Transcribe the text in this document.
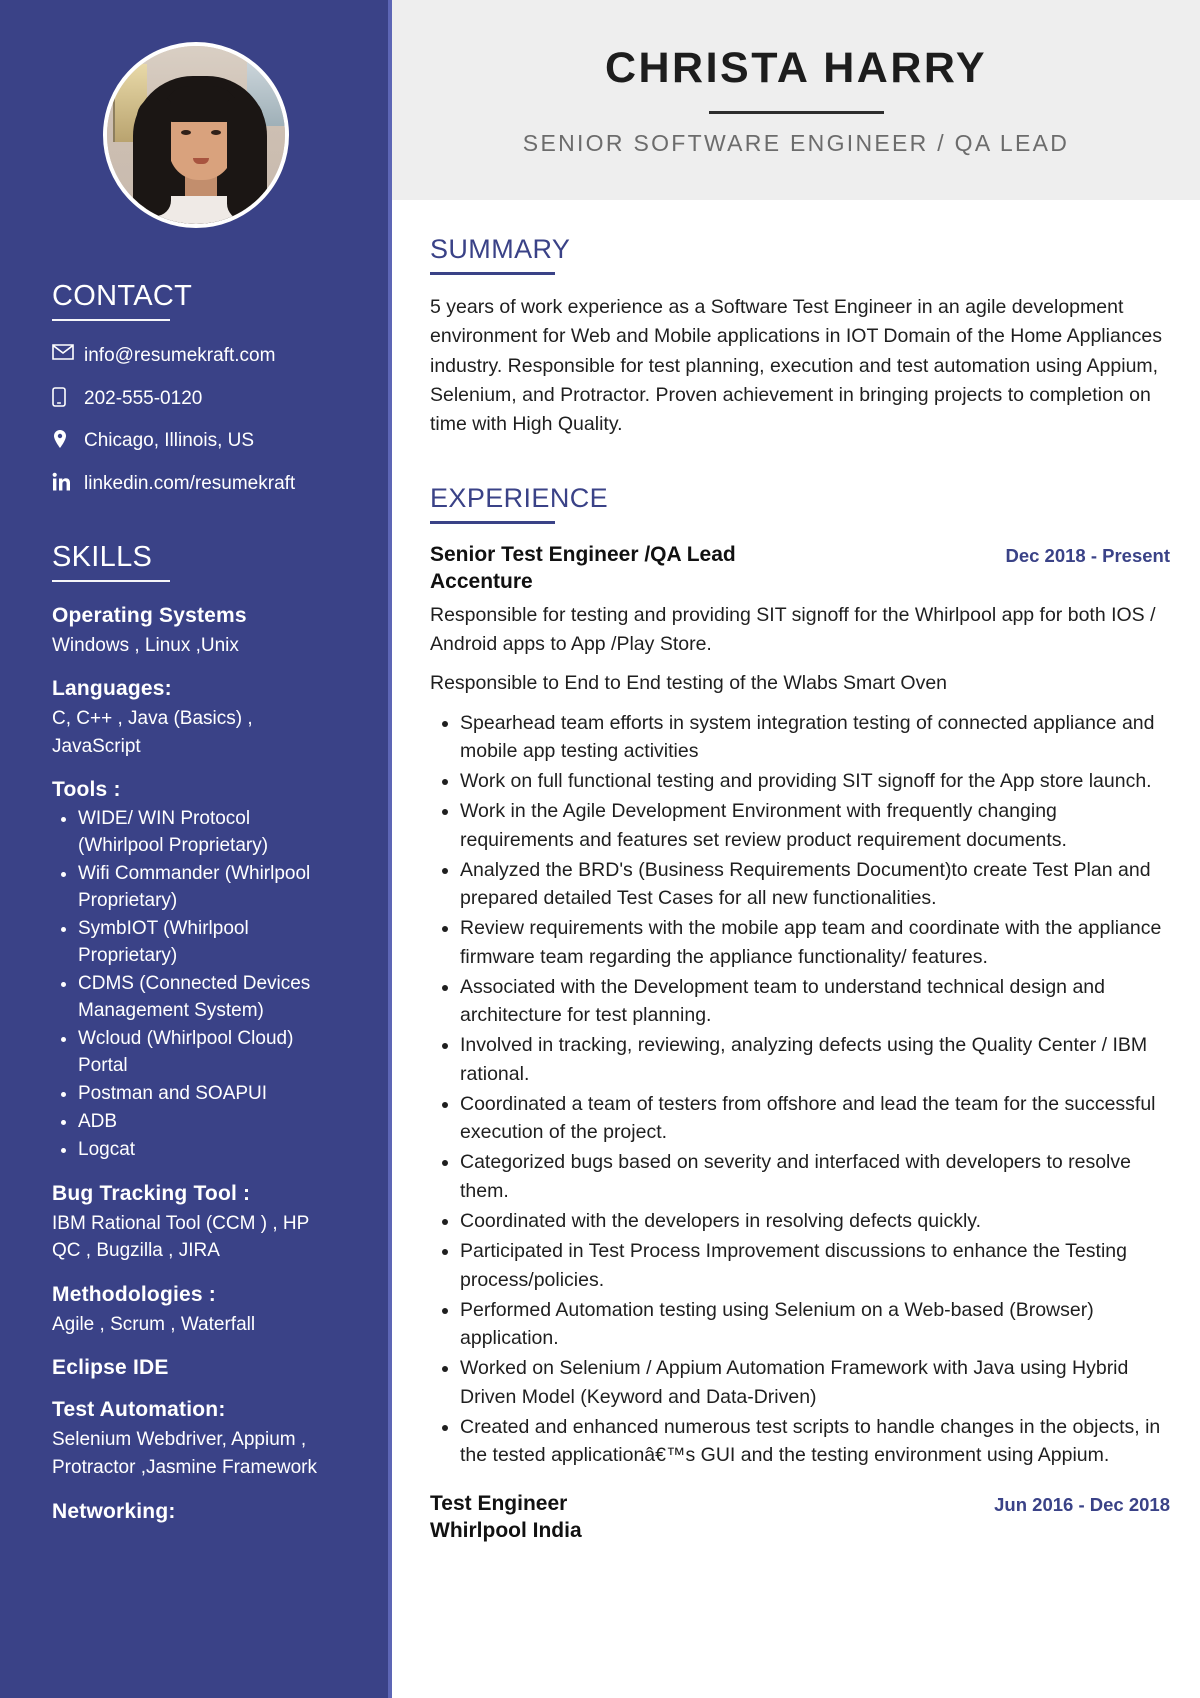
CONTACT
info@resumekraft.com
202-555-0120
Chicago, Illinois, US
linkedin.com/resumekraft
SKILLS

Operating Systems

Windows , Linux ,Unix

Languages:

C, C++ , Java (Basics) , JavaScript

Tools :

• WIDE/ WIN Protocol (Whirlpool Proprietary)
• Wifi Commander (Whirlpool Proprietary)
• SymbIOT (Whirlpool Proprietary)
• CDMS (Connected Devices Management System)
• Wcloud (Whirlpool Cloud) Portal
• Postman and SOAPUI
• ADB
• Logcat

Bug Tracking Tool :

IBM Rational Tool (CCM ) , HP QC , Bugzilla , JIRA

Methodologies :

Agile , Scrum , Waterfall

Eclipse IDE

Test Automation:

Selenium Webdriver, Appium , Protractor ,Jasmine Framework

Networking:

CHRISTA HARRY

SENIOR SOFTWARE ENGINEER / QA LEAD

SUMMARY

5 years of work experience as a Software Test Engineer in an agile development environment for Web and Mobile applications in IOT Domain of the Home Appliances industry. Responsible for test planning, execution and test automation using Appium, Selenium, and Protractor. Proven achievement in bringing projects to completion on time with High Quality.

EXPERIENCE

Senior Test Engineer /QA Lead

Accenture

Dec 2018 - Present

Responsible for testing and providing SIT signoff for the Whirlpool app for both IOS / Android apps to App /Play Store.

Responsible to End to End testing of the Wlabs Smart Oven

• Spearhead team efforts in system integration testing of connected appliance and mobile app testing activities
• Work on full functional testing and providing SIT signoff for the App store launch.
• Work in the Agile Development Environment with frequently changing requirements and features set review product requirement documents.
• Analyzed the BRD's (Business Requirements Document)to create Test Plan and prepared detailed Test Cases for all new functionalities.
• Review requirements with the mobile app team and coordinate with the appliance firmware team regarding the appliance functionality/ features.
• Associated with the Development team to understand technical design and architecture for test planning.
• Involved in tracking, reviewing, analyzing defects using the Quality Center / IBM rational.
• Coordinated a team of testers from offshore and lead the team for the successful execution of the project.
• Categorized bugs based on severity and interfaced with developers to resolve them.
• Coordinated with the developers in resolving defects quickly.
• Participated in Test Process Improvement discussions to enhance the Testing process/policies.
• Performed Automation testing using Selenium on a Web-based (Browser) application.
• Worked on Selenium / Appium Automation Framework with Java using Hybrid Driven Model (Keyword and Data-Driven)
• Created and enhanced numerous test scripts to handle changes in the objects, in the tested applicationâ€™s GUI and the testing environment using Appium.

Test Engineer

Whirlpool India

Jun 2016 - Dec 2018
